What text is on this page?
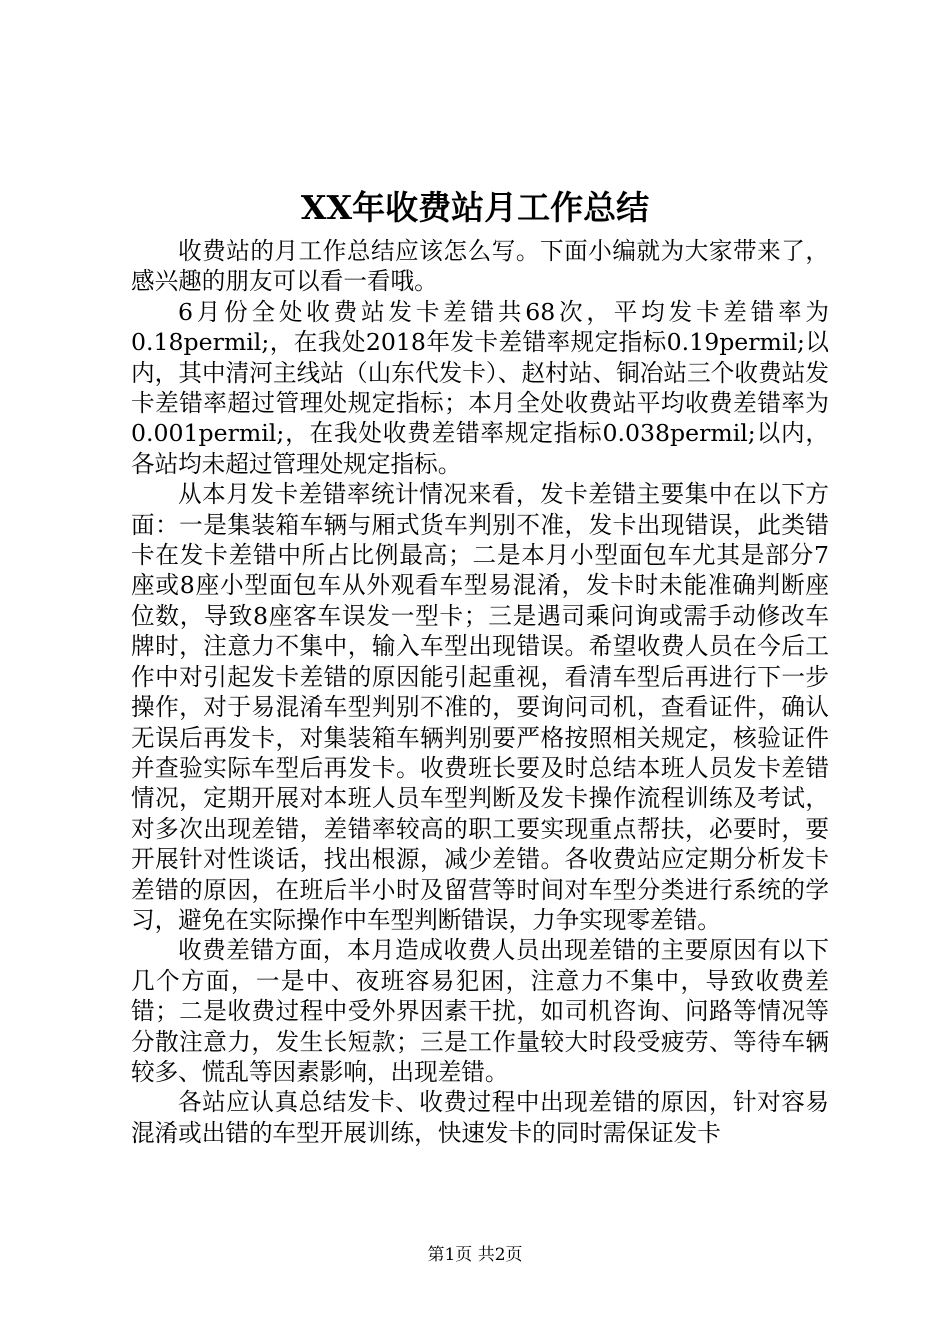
XX年收费站月工作总结

收费站的月工作总结应该怎么写。下面小编就为大家带来了，感兴趣的朋友可以看一看哦。

6月份全处收费站发卡差错共68次，平均发卡差错率为0.18permil;，在我处2018年发卡差错率规定指标0.19permil;以内，其中清河主线站（山东代发卡）、赵村站、铜冶站三个收费站发卡差错率超过管理处规定指标；本月全处收费站平均收费差错率为0.001permil;，在我处收费差错率规定指标0.038permil;以内，各站均未超过管理处规定指标。

从本月发卡差错率统计情况来看，发卡差错主要集中在以下方面：一是集装箱车辆与厢式货车判别不准，发卡出现错误，此类错卡在发卡差错中所占比例最高；二是本月小型面包车尤其是部分7座或8座小型面包车从外观看车型易混淆，发卡时未能准确判断座位数，导致8座客车误发一型卡；三是遇司乘问询或需手动修改车牌时，注意力不集中，输入车型出现错误。希望收费人员在今后工作中对引起发卡差错的原因能引起重视，看清车型后再进行下一步操作，对于易混淆车型判别不准的，要询问司机，查看证件，确认无误后再发卡，对集装箱车辆判别要严格按照相关规定，核验证件并查验实际车型后再发卡。收费班长要及时总结本班人员发卡差错情况，定期开展对本班人员车型判断及发卡操作流程训练及考试，对多次出现差错，差错率较高的职工要实现重点帮扶，必要时，要开展针对性谈话，找出根源，减少差错。各收费站应定期分析发卡差错的原因，在班后半小时及留营等时间对车型分类进行系统的学习，避免在实际操作中车型判断错误，力争实现零差错。

收费差错方面，本月造成收费人员出现差错的主要原因有以下几个方面，一是中、夜班容易犯困，注意力不集中，导致收费差错；二是收费过程中受外界因素干扰，如司机咨询、问路等情况等分散注意力，发生长短款；三是工作量较大时段受疲劳、等待车辆较多、慌乱等因素影响，出现差错。

各站应认真总结发卡、收费过程中出现差错的原因，针对容易混淆或出错的车型开展训练，快速发卡的同时需保证发卡

第1页 共2页
